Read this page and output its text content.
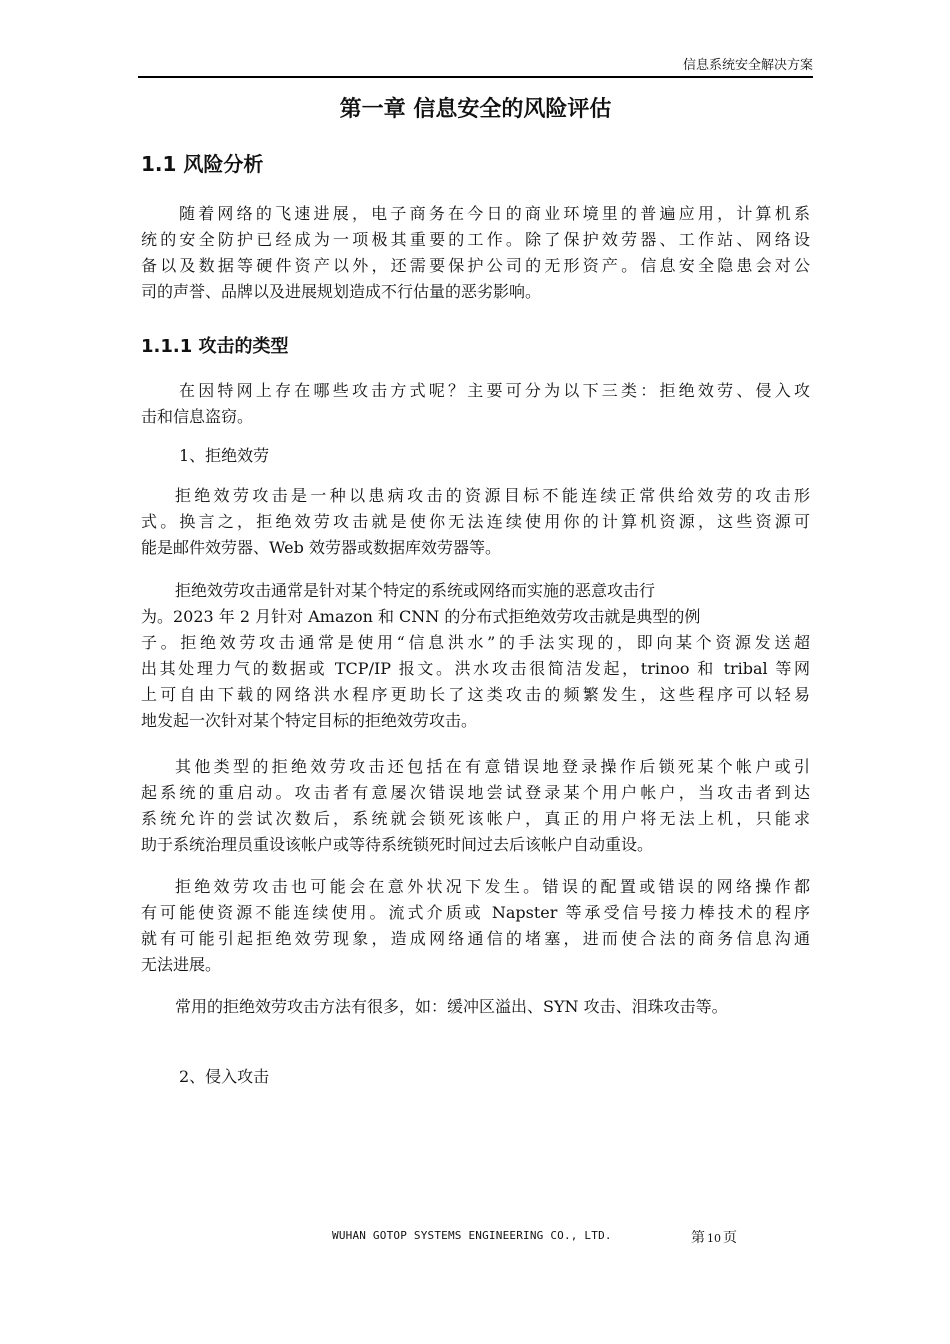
信息系统安全解决方案
第一章 信息安全的风险评估
1.1 风险分析

随着网络的飞速进展，电子商务在今日的商业环境里的普遍应用，计算机系
统的安全防护已经成为一项极其重要的工作。除了保护效劳器、工作站、网络设
备以及数据等硬件资产以外，还需要保护公司的无形资产。信息安全隐患会对公
司的声誉、品牌以及进展规划造成不行估量的恶劣影响。

1.1.1 攻击的类型

在因特网上存在哪些攻击方式呢？主要可分为以下三类：拒绝效劳、侵入攻
击和信息盗窃。

1、拒绝效劳

拒绝效劳攻击是一种以患病攻击的资源目标不能连续正常供给效劳的攻击形
式。换言之，拒绝效劳攻击就是使你无法连续使用你的计算机资源，这些资源可
能是邮件效劳器、Web 效劳器或数据库效劳器等。

拒绝效劳攻击通常是针对某个特定的系统或网络而实施的恶意攻击行
为。2023 年 2 月针对 Amazon 和 CNN 的分布式拒绝效劳攻击就是典型的例
子。拒绝效劳攻击通常是使用“信息洪水”的手法实现的，即向某个资源发送超
出其处理力气的数据或 TCP/IP 报文。洪水攻击很简洁发起，trinoo 和 tribal 等网
上可自由下载的网络洪水程序更助长了这类攻击的频繁发生，这些程序可以轻易
地发起一次针对某个特定目标的拒绝效劳攻击。

其他类型的拒绝效劳攻击还包括在有意错误地登录操作后锁死某个帐户或引
起系统的重启动。攻击者有意屡次错误地尝试登录某个用户帐户，当攻击者到达
系统允许的尝试次数后，系统就会锁死该帐户，真正的用户将无法上机，只能求
助于系统治理员重设该帐户或等待系统锁死时间过去后该帐户自动重设。

拒绝效劳攻击也可能会在意外状况下发生。错误的配置或错误的网络操作都
有可能使资源不能连续使用。流式介质或 Napster 等承受信号接力棒技术的程序
就有可能引起拒绝效劳现象，造成网络通信的堵塞，进而使合法的商务信息沟通
无法进展。

常用的拒绝效劳攻击方法有很多，如：缓冲区溢出、SYN 攻击、泪珠攻击等。

2、侵入攻击

WUHAN GOTOP SYSTEMS ENGINEERING CO., LTD.	第 10 页
